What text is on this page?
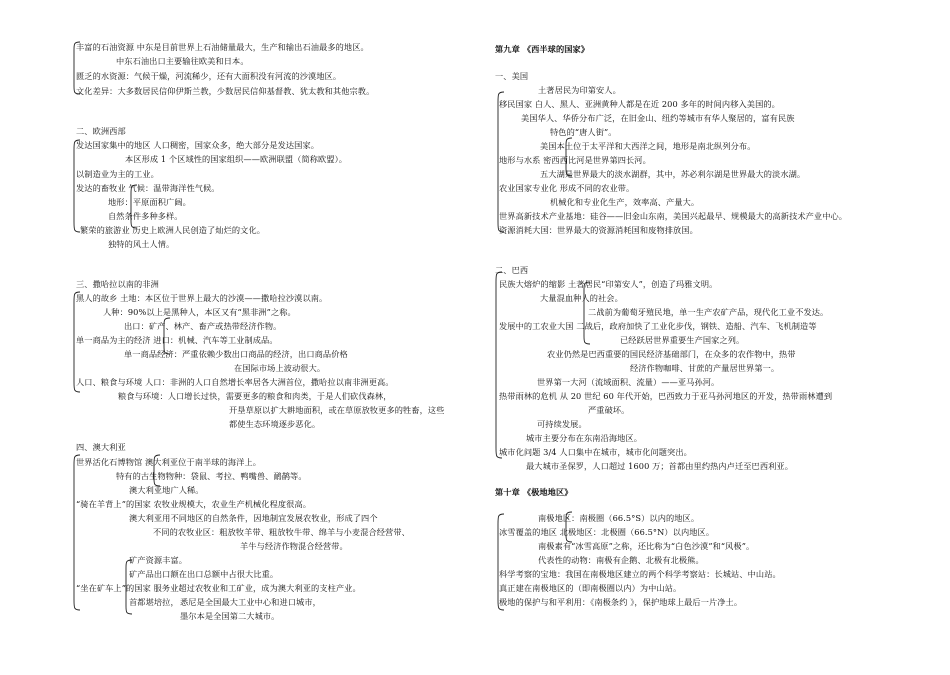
丰富的石油资源 中东是目前世界上石油储量最大，生产和输出石油最多的地区。
中东石油出口主要输往欧美和日本。
匮乏的水资源：气候干燥，河流稀少，还有大面积没有河流的沙漠地区。
文化差异：大多数居民信仰伊斯兰教，少数居民信仰基督教、犹太教和其他宗教。
二、欧洲西部
发达国家集中的地区 人口稠密，国家众多，绝大部分是发达国家。
本区形成 1 个区域性的国家组织——欧洲联盟（简称欧盟）。
以制造业为主的工业。
发达的畜牧业 气候：温带海洋性气候。
地形：平原面积广阔。
自然条件多种多样。
繁荣的旅游业 历史上欧洲人民创造了灿烂的文化。
独特的风土人情。
三、撒哈拉以南的非洲
黑人的故乡 土地：本区位于世界上最大的沙漠——撒哈拉沙漠以南。
人种：90%以上是黑种人，本区又有“黑非洲”之称。
出口：矿产、林产、畜产或热带经济作物。
单一商品为主的经济 进口：机械、汽车等工业制成品。
单一商品经济：严重依赖少数出口商品的经济，出口商品价格
在国际市场上波动很大。
人口、粮食与环境 人口：非洲的人口自然增长率居各大洲首位，撒哈拉以南非洲更高。
粮食与环境：人口增长过快，需要更多的粮食和肉类，于是人们砍伐森林，
开垦草原以扩大耕地面积，或在草原放牧更多的牲畜，这些
都使生态环境逐步恶化。
四、澳大利亚
世界活化石博物馆 澳大利亚位于南半球的海洋上。
特有的古生物物种：袋鼠、考拉、鸭嘴兽、鸸鹋等。
澳大利亚地广人稀。
“骑在羊背上”的国家 农牧业规模大，农业生产机械化程度很高。
澳大利亚用不同地区的自然条件，因地制宜发展农牧业，形成了四个
不同的农牧业区：粗放牧羊带、粗放牧牛带、绵羊与小麦混合经营带、
羊牛与经济作物混合经营带。
矿产资源丰富。
矿产品出口额在出口总额中占很大比重。
“坐在矿车上”的国家 服务业超过农牧业和工矿业，成为澳大利亚的支柱产业。
首都堪培拉， 悉尼是全国最大工业中心和进口城市，
墨尔本是全国第二大城市。
第九章 《西半球的国家》
一、美国
土著居民为印第安人。
移民国家 白人、黑人、亚洲黄种人都是在近 200 多年的时间内移入美国的。
美国华人、华侨分布广泛，在旧金山、纽约等城市有华人聚居的，富有民族
特色的“唐人街”。
美国本土位于太平洋和大西洋之间，地形是南北纵列分布。
地形与水系 密西西比河是世界第四长河。
五大湖是世界最大的淡水湖群，其中，苏必利尔湖是世界最大的淡水湖。
农业国家专业化 形成不同的农业带。
机械化和专业化生产，效率高、产量大。
世界高新技术产业基地：硅谷——旧金山东南，美国兴起最早、规模最大的高新技术产业中心。
资源消耗大国：世界最大的资源消耗国和废物排放国。
二、巴西
民族大熔炉的缩影 土著居民“印第安人”，创造了玛雅文明。
大量混血种人的社会。
二战前为葡萄牙殖民地，单一生产农矿产品，现代化工业不发达。
发展中的工农业大国 二战后，政府加快了工业化步伐，钢铁、造船、汽车、飞机制造等
已经跃居世界重要生产国家之列。
农业仍然是巴西重要的国民经济基础部门，在众多的农作物中，热带
经济作物咖啡、甘蔗的产量居世界第一。
世界第一大河（流域面积、流量）——亚马孙河。
热带雨林的危机 从 20 世纪 60 年代开始，巴西致力于亚马孙河地区的开发，热带雨林遭到
严重破坏。
可持续发展。
城市主要分布在东南沿海地区。
城市化问题 3/4 人口集中在城市，城市化问题突出。
最大城市圣保罗，人口超过 1600 万；首都由里约热内卢迁至巴西利亚。
第十章 《极地地区》
南极地区：南极圈（66.5°S）以内的地区。
冰雪覆盖的地区 北极地区：北极圈（66.5°N）以内地区。
南极素有“冰雪高原”之称，还比称为“白色沙漠”和“风极”。
代表性的动物：南极有企鹅、北极有北极熊。
科学考察的宝地：我国在南极地区建立的两个科学考察站：长城站、中山站。
真正建在南极地区的（即南极圈以内）为中山站。
极地的保护与和平利用：《南极条约 》，保护地球上最后一片净土。
